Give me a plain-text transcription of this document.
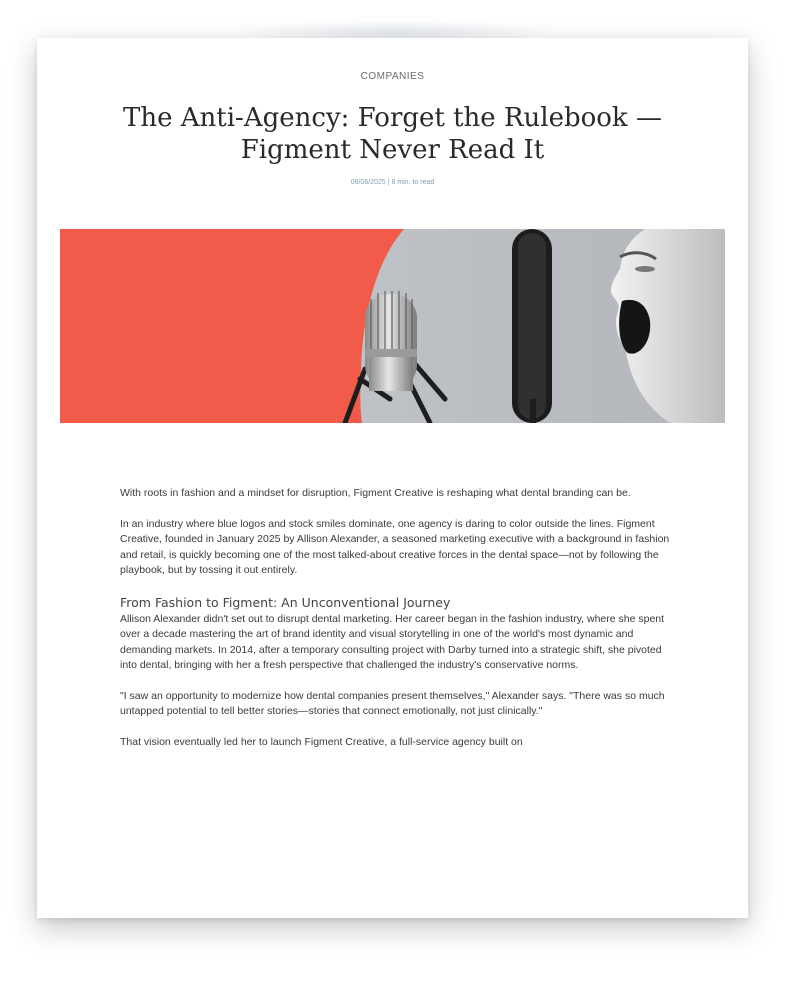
COMPANIES
The Anti-Agency: Forget the Rulebook — Figment Never Read It
08/06/2025 | 8 min. to read

With roots in fashion and a mindset for disruption, Figment Creative is reshaping what dental branding can be.

In an industry where blue logos and stock smiles dominate, one agency is daring to color outside the lines. Figment Creative, founded in January 2025 by Allison Alexander, a seasoned marketing executive with a background in fashion and retail, is quickly becoming one of the most talked-about creative forces in the dental space—not by following the playbook, but by tossing it out entirely.

From Fashion to Figment: An Unconventional Journey

Allison Alexander didn't set out to disrupt dental marketing. Her career began in the fashion industry, where she spent over a decade mastering the art of brand identity and visual storytelling in one of the world's most dynamic and demanding markets. In 2014, after a temporary consulting project with Darby turned into a strategic shift, she pivoted into dental, bringing with her a fresh perspective that challenged the industry's conservative norms.

"I saw an opportunity to modernize how dental companies present themselves," Alexander says. "There was so much untapped potential to tell better stories—stories that connect emotionally, not just clinically."

That vision eventually led her to launch Figment Creative, a full-service agency built on
